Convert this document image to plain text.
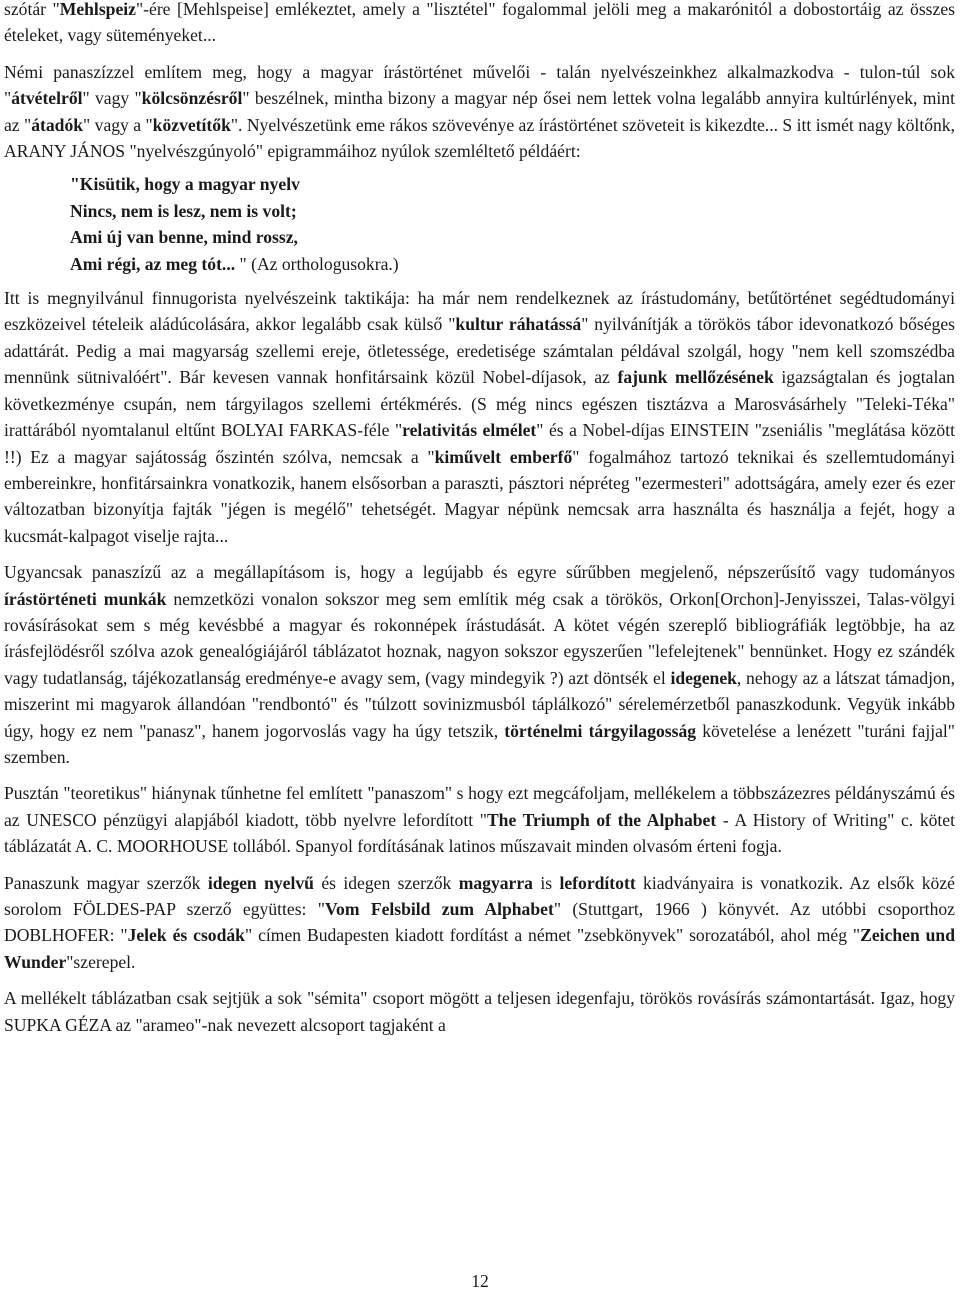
szótár "Mehlspeiz"-ére [Mehlspeise] emlékeztet, amely a "lisztétel" fogalommal jelöli meg a makarónitól a dobostortáig az összes ételeket, vagy süteményeket...

Némi panaszízzel említem meg, hogy a magyar írástörténet művelői - talán nyelvészeinkhez alkalmazkodva - tulon-túl sok "átvételről" vagy "kölcsönzésről" beszélnek, mintha bizony a magyar nép ősei nem lettek volna legalább annyira kultúrlények, mint az "átadók" vagy a "közvetítők". Nyelvészetünk eme rákos szövevénye az írástörténet szöveteit is kikezdte... S itt ismét nagy költőnk, ARANY JÁNOS "nyelvészgúnyoló" epigrammáihoz nyúlok szemléltető példáért:

"Kisütik, hogy a magyar nyelv
Nincs, nem is lesz, nem is volt;
Ami új van benne, mind rossz,
Ami régi, az meg tót... " (Az orthologusokra.)

Itt is megnyilvánul finnugorista nyelvészeink taktikája: ha már nem rendelkeznek az írástudomány, betűtörténet segédtudományi eszközeivel tételeik aládúcolására, akkor legalább csak külső "kultur ráhatássá" nyilvánítják a törökös tábor idevonatkozó bőséges adattárát. Pedig a mai magyarság szellemi ereje, ötletessége, eredetisége számtalan példával szolgál, hogy "nem kell szomszédba mennünk sütnivalóért". Bár kevesen vannak honfitársaink közül Nobel-díjasok, az fajunk mellőzésének igazságtalan és jogtalan következménye csupán, nem tárgyilagos szellemi értékmérés. (S még nincs egészen tisztázva a Marosvásárhely "Teleki-Téka" irattárából nyomtalanul eltűnt BOLYAI FARKAS-féle "relativitás elmélet" és a Nobel-díjas EINSTEIN "zseniális "meglátása között !!) Ez a magyar sajátosság őszintén szólva, nemcsak a "kiművelt emberfő" fogalmához tartozó teknikai és szellemtudományi embereinkre, honfitársainkra vonatkozik, hanem elsősorban a paraszti, pásztori népréteg "ezermesteri" adottságára, amely ezer és ezer változatban bizonyítja fajták "jégen is megélő" tehetségét. Magyar népünk nemcsak arra használta és használja a fejét, hogy a kucsmát-kalpagot viselje rajta...

Ugyancsak panaszízű az a megállapításom is, hogy a legújabb és egyre sűrűbben megjelenő, népszerűsítő vagy tudományos írástörténeti munkák nemzetközi vonalon sokszor meg sem említik még csak a törökös, Orkon[Orchon]-Jenyisszei, Talas-völgyi rovásírásokat sem s még kevésbbé a magyar és rokonnépek írástudását. A kötet végén szereplő bibliográfiák legtöbbje, ha az írásfejlödésről szólva azok genealógiájáról táblázatot hoznak, nagyon sokszor egyszerűen "lefelejtenek" bennünket. Hogy ez szándék vagy tudatlanság, tájékozatlanság eredménye-e avagy sem, (vagy mindegyik ?) azt döntsék el idegenek, nehogy az a látszat támadjon, miszerint mi magyarok állandóan "rendbontó" és "túlzott sovinizmusból táplálkozó" sérelemérzetből panaszkodunk. Vegyük inkább úgy, hogy ez nem "panasz", hanem jogorvoslás vagy ha úgy tetszik, történelmi tárgyilagosság követelése a lenézett "turáni fajjal" szemben.

Pusztán "teoretikus" hiánynak tűnhetne fel említett "panaszom" s hogy ezt megcáfoljam, mellékelem a többszázezres példányszámú és az UNESCO pénzügyi alapjából kiadott, több nyelvre lefordított "The Triumph of the Alphabet - A History of Writing" c. kötet táblázatát A. C. MOORHOUSE tollából. Spanyol fordításának latinos műszavait minden olvasóm érteni fogja.

Panaszunk magyar szerzők idegen nyelvű és idegen szerzők magyarra is lefordított kiadványaira is vonatkozik. Az elsők közé sorolom FÖLDES-PAP szerző együttes: "Vom Felsbild zum Alphabet" (Stuttgart, 1966 ) könyvét. Az utóbbi csoporthoz DOBLHOFER: "Jelek és csodák" címen Budapesten kiadott fordítást a német "zsebkönyvek" sorozatából, ahol még "Zeichen und Wunder"szerepel.

A mellékelt táblázatban csak sejtjük a sok "sémita" csoport mögött a teljesen idegenfaju, törökös rovásírás számontartását. Igaz, hogy SUPKA GÉZA az "arameo"-nak nevezett alcsoport tagjaként a

12
